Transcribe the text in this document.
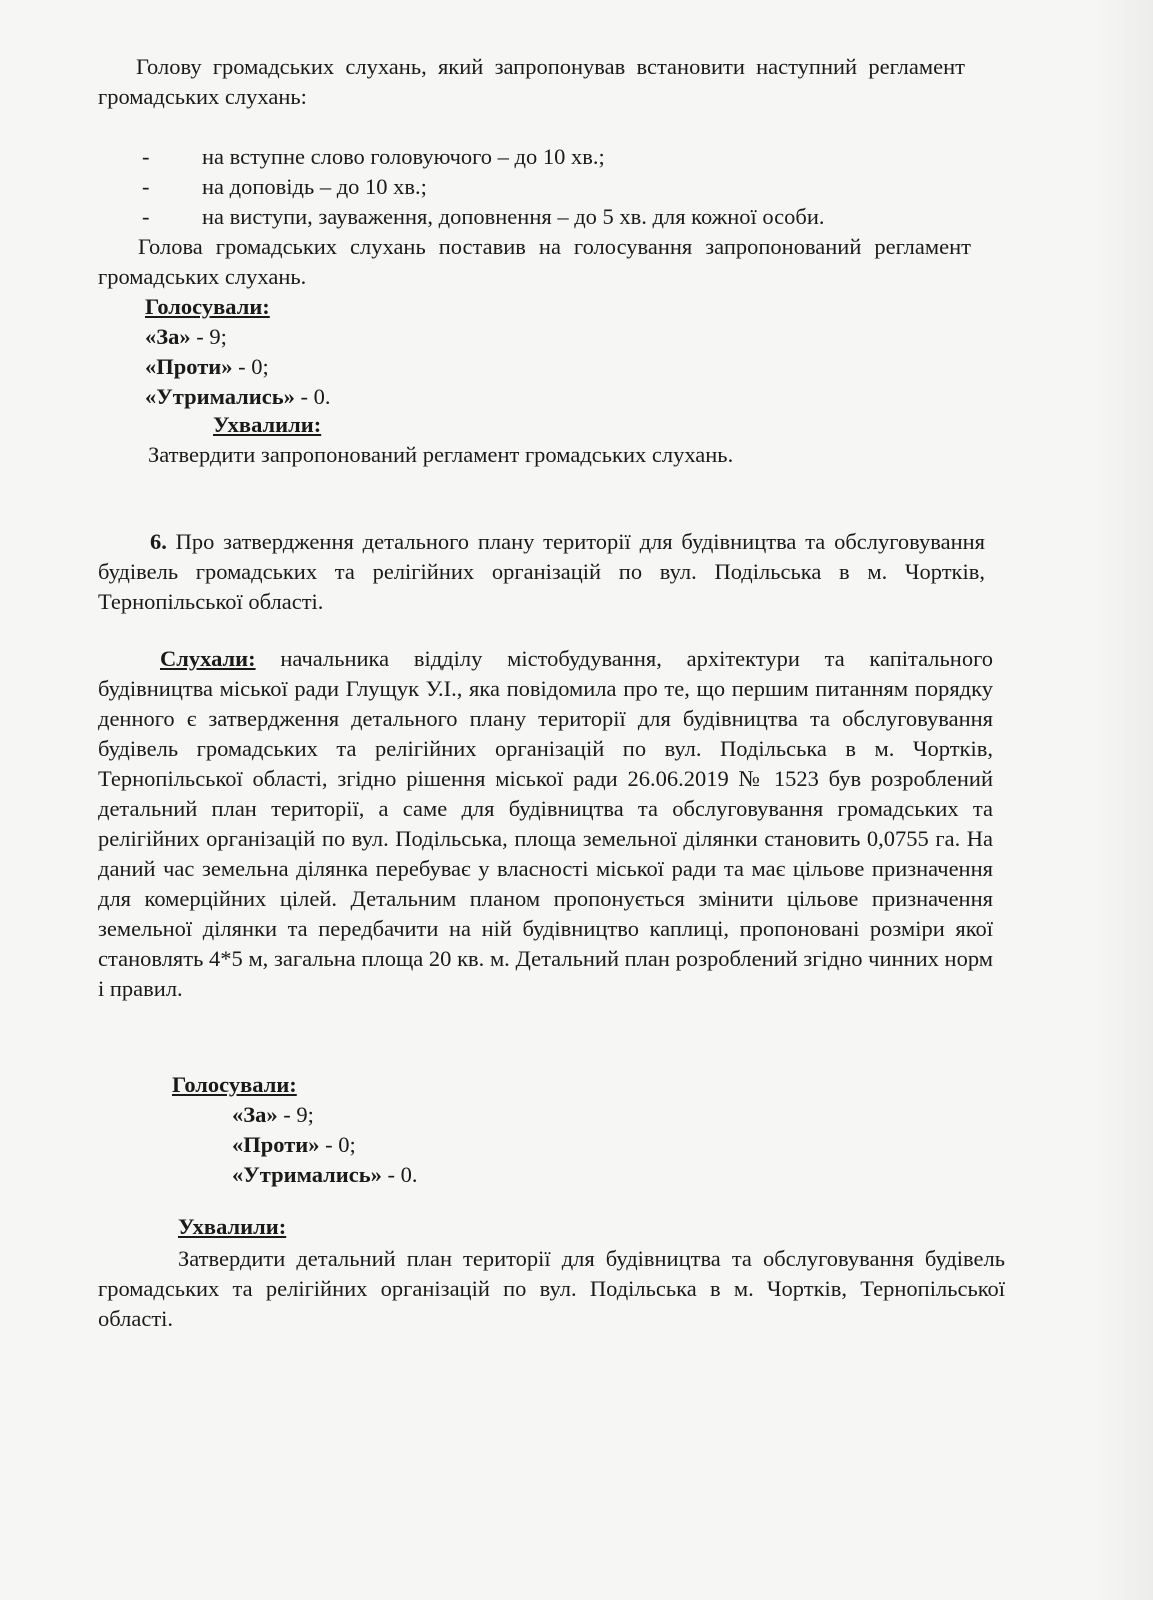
Голову громадських слухань, який запропонував встановити наступний регламент громадських слухань:

-	на вступне слово головуючого – до 10 хв.;
-	на доповідь – до 10 хв.;
-	на виступи, зауваження, доповнення – до 5 хв. для кожної особи.

Голова громадських слухань поставив на голосування запропонований регламент громадських слухань.

Голосували:
«За» - 9;
«Проти» - 0;
«Утримались» - 0.
Ухвалили:
Затвердити запропонований регламент громадських слухань.

6. Про затвердження детального плану території для будівництва та обслуговування будівель громадських та релігійних організацій по вул. Подільська в м. Чортків, Тернопільської області.

Слухали: начальника відділу містобудування, архітектури та капітального будівництва міської ради Глущук У.І., яка повідомила про те, що першим питанням порядку денного є затвердження детального плану території для будівництва та обслуговування будівель громадських та релігійних організацій по вул. Подільська в м. Чортків, Тернопільської області, згідно рішення міської ради 26.06.2019 № 1523 був розроблений детальний план території, а саме для будівництва та обслуговування громадських та релігійних організацій по вул. Подільська, площа земельної ділянки становить 0,0755 га. На даний час земельна ділянка перебуває у власності міської ради та має цільове призначення для комерційних цілей. Детальним планом пропонується змінити цільове призначення земельної ділянки та передбачити на ній будівництво каплиці, пропоновані розміри якої становлять 4*5 м, загальна площа 20 кв. м. Детальний план розроблений згідно чинних норм і правил.

Голосували:
«За» - 9;
«Проти» - 0;
«Утримались» - 0.
Ухвалили:

Затвердити детальний план території для будівництва та обслуговування будівель громадських та релігійних організацій по вул. Подільська в м. Чортків, Тернопільської області.
